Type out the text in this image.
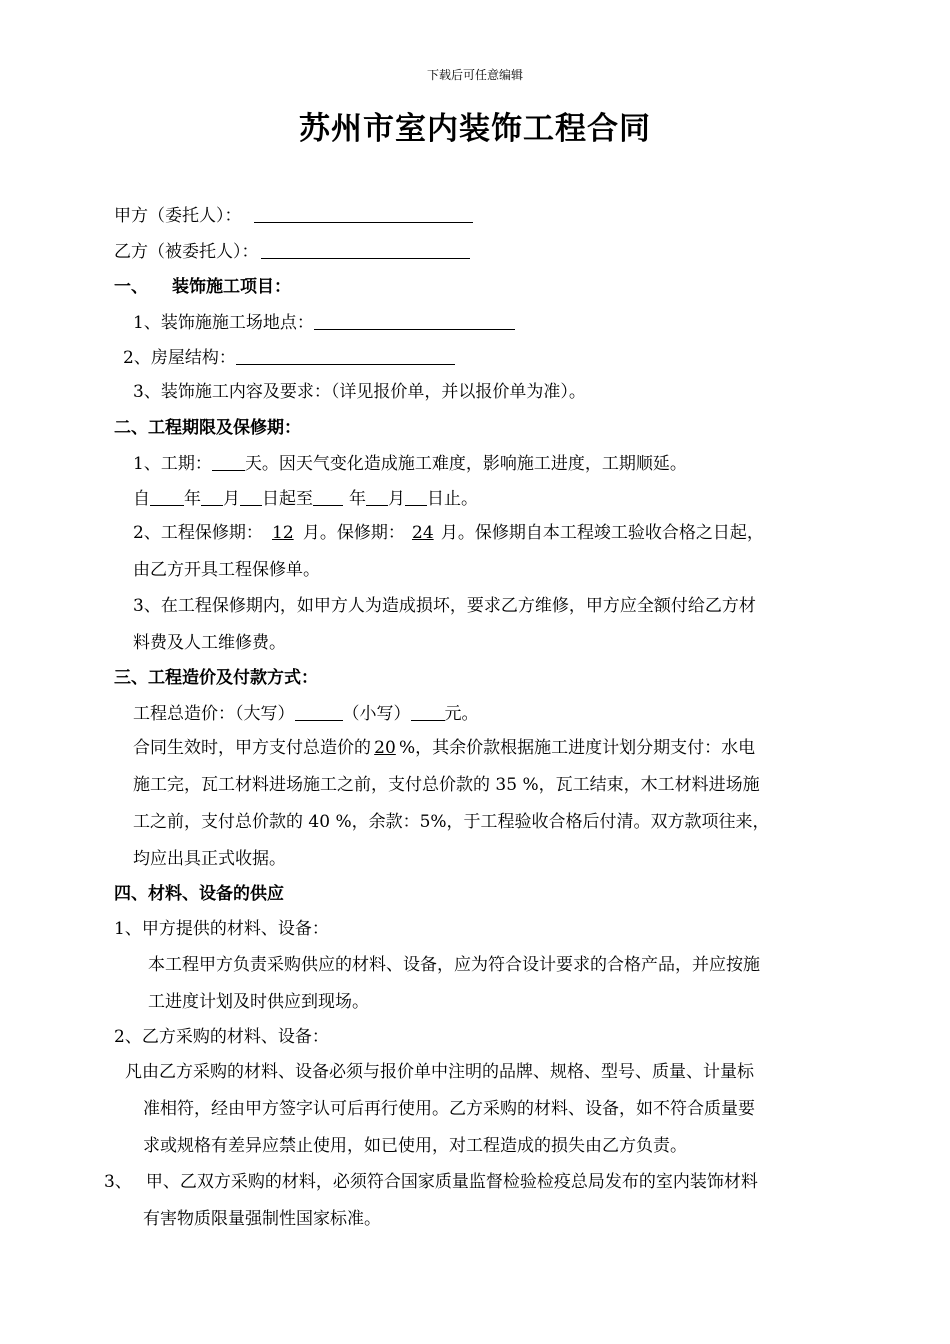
下载后可任意编辑
苏州市室内装饰工程合同
甲方（委托人）：
乙方（被委托人）：
一、 装饰施工项目：
1、装饰施施工场地点：
2、房屋结构：
3、装饰施工内容及要求：（详见报价单，并以报价单为准）。
二、工程期限及保修期：
1、工期： 天。因天气变化造成施工难度，影响施工进度，工期顺延。
自 年 月 日起至 年 月 日止。
2、工程保修期： 12 月。保修期： 24 月。保修期自本工程竣工验收合格之日起，
由乙方开具工程保修单。
3、在工程保修期内，如甲方人为造成损坏，要求乙方维修，甲方应全额付给乙方材
料费及人工维修费。
三、工程造价及付款方式：
工程总造价：（大写）	（小写） 元。
合同生效时，甲方支付总造价的 20 %，其余价款根据施工进度计划分期支付：水电
施工完，瓦工材料进场施工之前，支付总价款的 35 %，瓦工结束，木工材料进场施
工之前，支付总价款的 40 %，余款：5%，于工程验收合格后付清。双方款项往来，
均应出具正式收据。
四、材料、设备的供应
1、甲方提供的材料、设备：
本工程甲方负责采购供应的材料、设备，应为符合设计要求的合格产品，并应按施
工进度计划及时供应到现场。
2、乙方采购的材料、设备：
凡由乙方采购的材料、设备必须与报价单中注明的品牌、规格、型号、质量、计量标
准相符，经由甲方签字认可后再行使用。乙方采购的材料、设备，如不符合质量要
求或规格有差异应禁止使用，如已使用，对工程造成的损失由乙方负责。
3、 甲、乙双方采购的材料，必须符合国家质量监督检验检疫总局发布的室内装饰材料
有害物质限量强制性国家标准。
